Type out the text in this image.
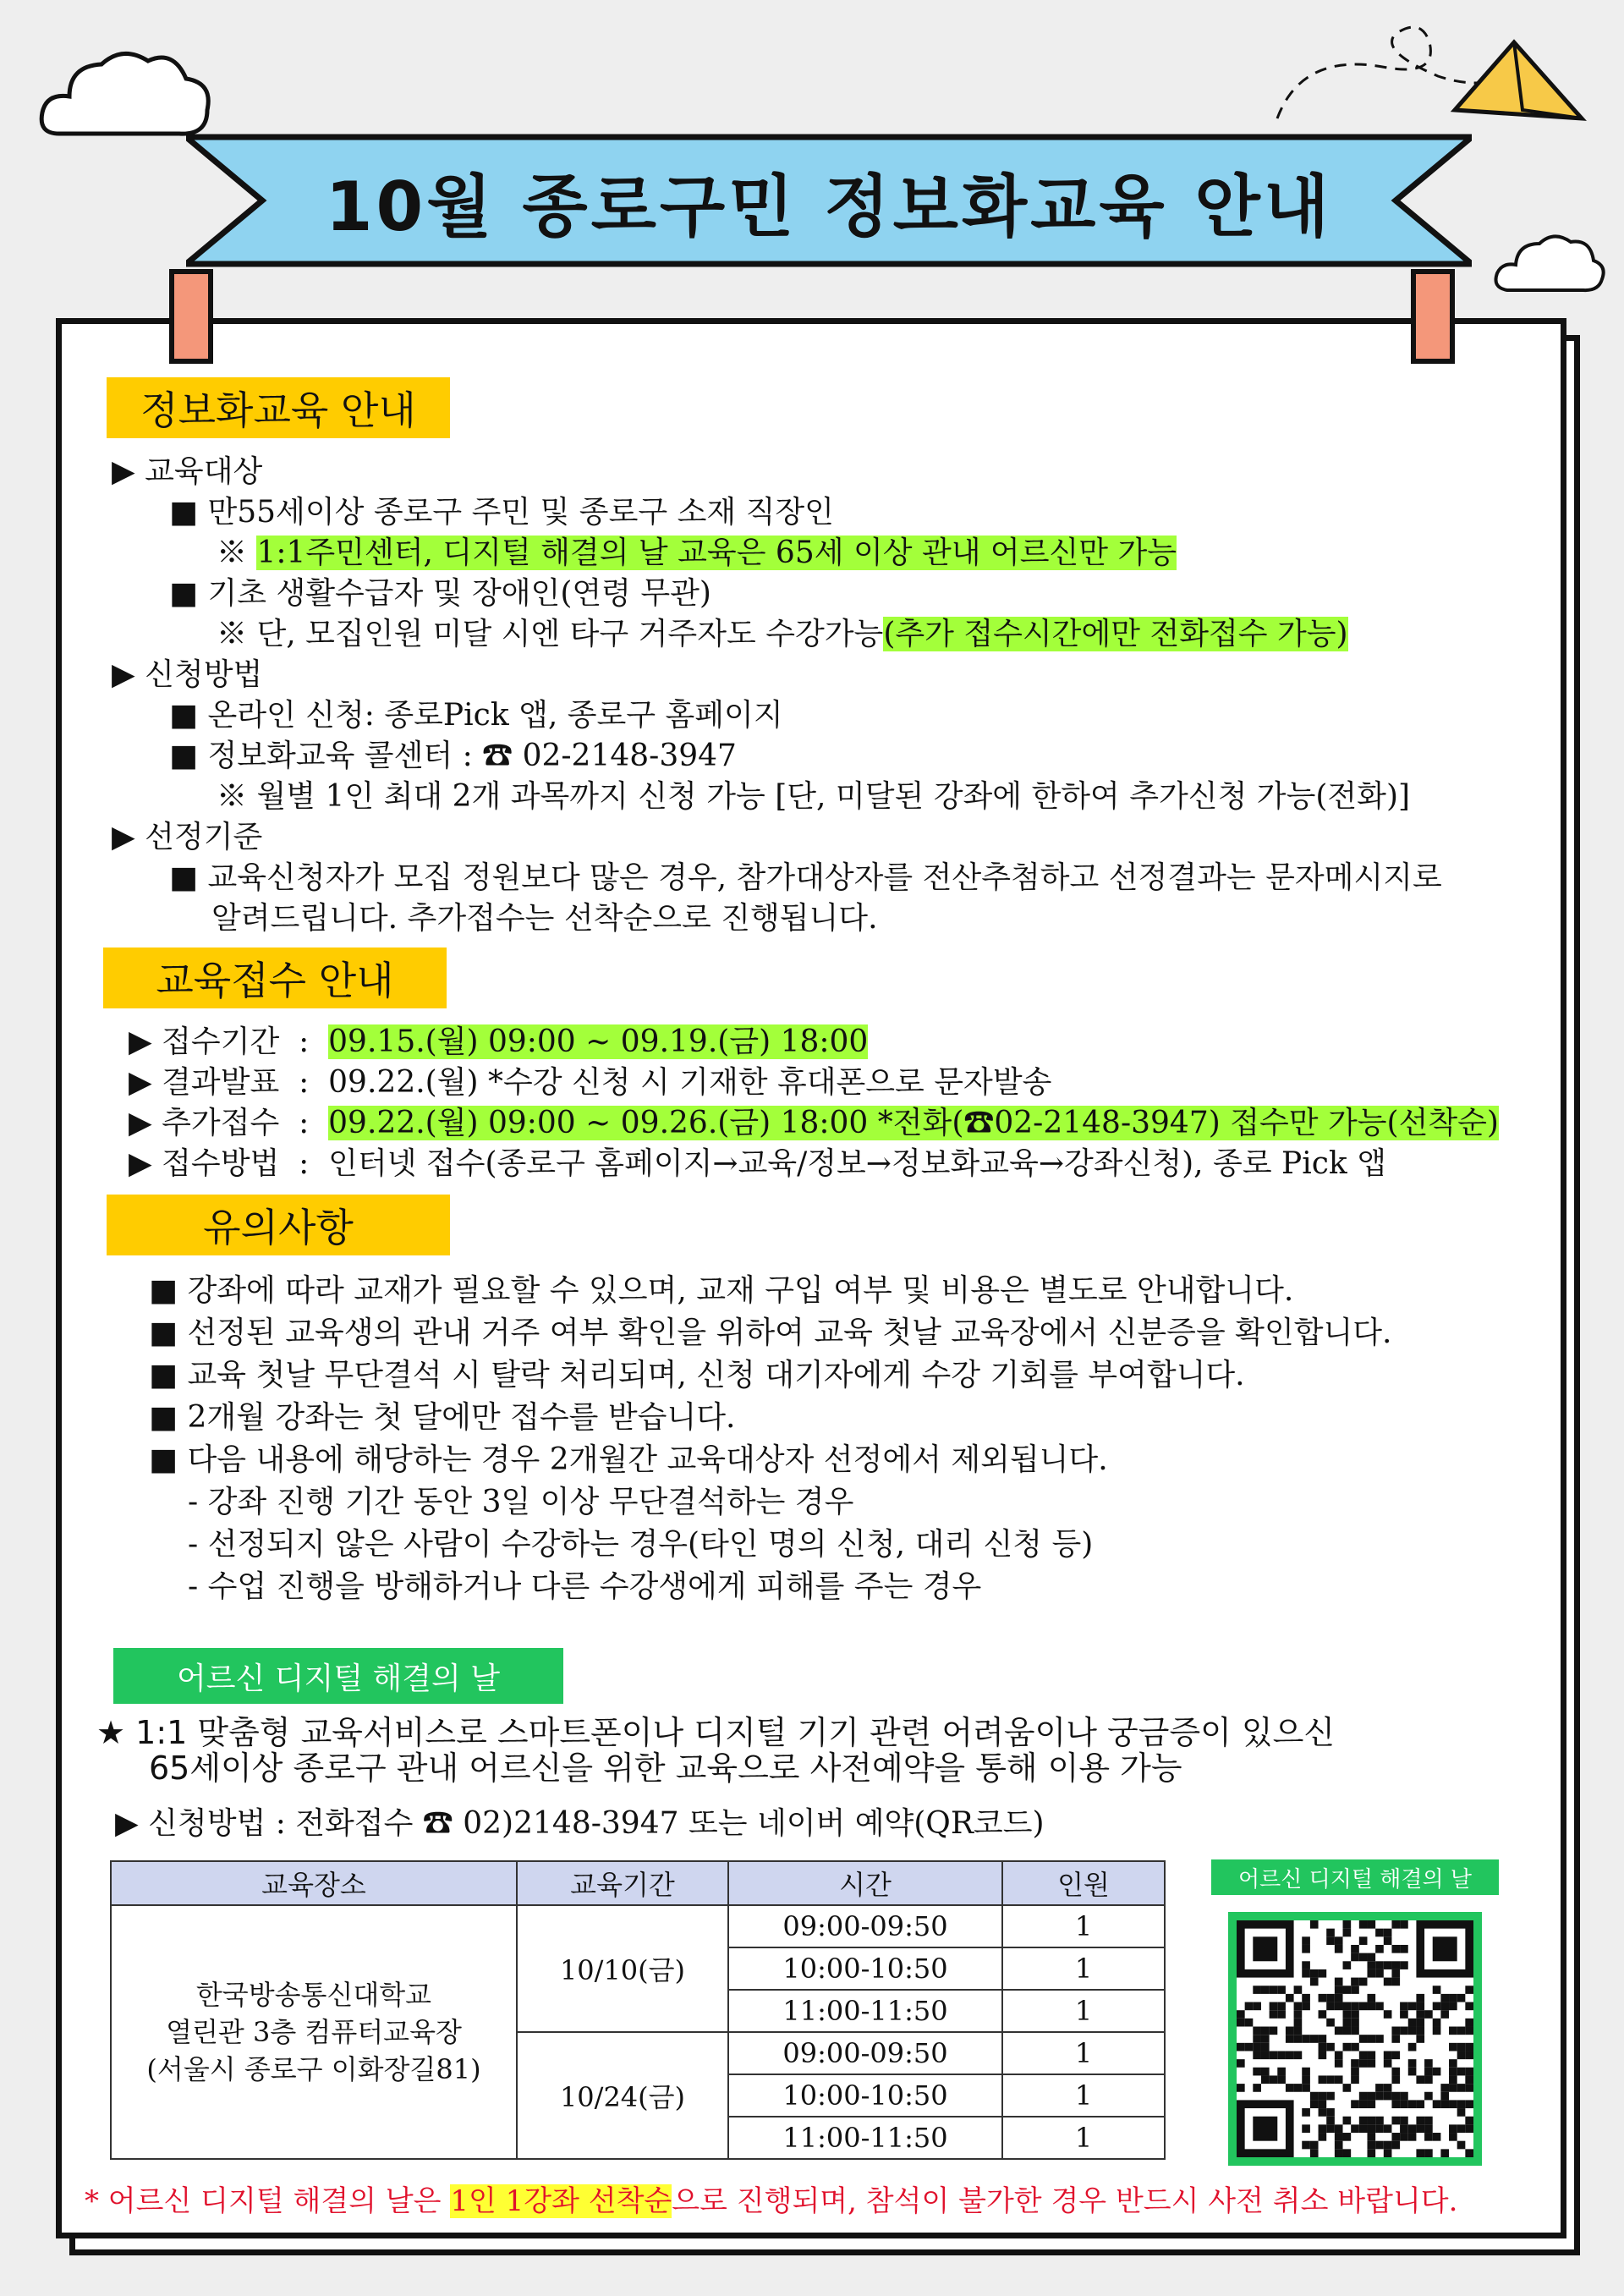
10월 종로구민 정보화교육 안내
정보화교육 안내
▶ 교육대상
■ 만55세이상 종로구 주민 및 종로구 소재 직장인
※ 1:1주민센터, 디지털 해결의 날 교육은 65세 이상 관내 어르신만 가능
■ 기초 생활수급자 및 장애인(연령 무관)
※ 단, 모집인원 미달 시엔 타구 거주자도 수강가능(추가 접수시간에만 전화접수 가능)
▶ 신청방법
■ 온라인 신청: 종로Pick 앱, 종로구 홈페이지
■ 정보화교육 콜센터 : ☎ 02-2148-3947
※ 월별 1인 최대 2개 과목까지 신청 가능 [단, 미달된 강좌에 한하여 추가신청 가능(전화)]
▶ 선정기준
■ 교육신청자가 모집 정원보다 많은 경우, 참가대상자를 전산추첨하고 선정결과는 문자메시지로
알려드립니다. 추가접수는 선착순으로 진행됩니다.
교육접수 안내
▶ 접수기간  :  09.15.(월) 09:00 ~ 09.19.(금) 18:00
▶ 결과발표  :  09.22.(월) *수강 신청 시 기재한 휴대폰으로 문자발송
▶ 추가접수  :  09.22.(월) 09:00 ~ 09.26.(금) 18:00 *전화(☎02-2148-3947) 접수만 가능(선착순)
▶ 접수방법  :  인터넷 접수(종로구 홈페이지→교육/정보→정보화교육→강좌신청), 종로 Pick 앱
유의사항
■ 강좌에 따라 교재가 필요할 수 있으며, 교재 구입 여부 및 비용은 별도로 안내합니다.
■ 선정된 교육생의 관내 거주 여부 확인을 위하여 교육 첫날 교육장에서 신분증을 확인합니다.
■ 교육 첫날 무단결석 시 탈락 처리되며, 신청 대기자에게 수강 기회를 부여합니다.
■ 2개월 강좌는 첫 달에만 접수를 받습니다.
■ 다음 내용에 해당하는 경우 2개월간 교육대상자 선정에서 제외됩니다.
- 강좌 진행 기간 동안 3일 이상 무단결석하는 경우
- 선정되지 않은 사람이 수강하는 경우(타인 명의 신청, 대리 신청 등)
- 수업 진행을 방해하거나 다른 수강생에게 피해를 주는 경우
어르신 디지털 해결의 날
★ 1:1 맞춤형 교육서비스로 스마트폰이나 디지털 기기 관련 어려움이나 궁금증이 있으신
65세이상 종로구 관내 어르신을 위한 교육으로 사전예약을 통해 이용 가능
▶ 신청방법 : 전화접수 ☎ 02)2148-3947 또는 네이버 예약(QR코드)
교육장소	교육기간	시간	인원

한국방송통신대학교
열린관 3층 컴퓨터교육장
(서울시 종로구 이화장길81)	10/10(금)	09:00-09:50	1
		10:00-10:50	1
		11:00-11:50	1
	10/24(금)	09:00-09:50	1
		10:00-10:50	1
		11:00-11:50	1
어르신 디지털 해결의 날
* 어르신 디지털 해결의 날은 1인 1강좌 선착순으로 진행되며, 참석이 불가한 경우 반드시 사전 취소 바랍니다.
